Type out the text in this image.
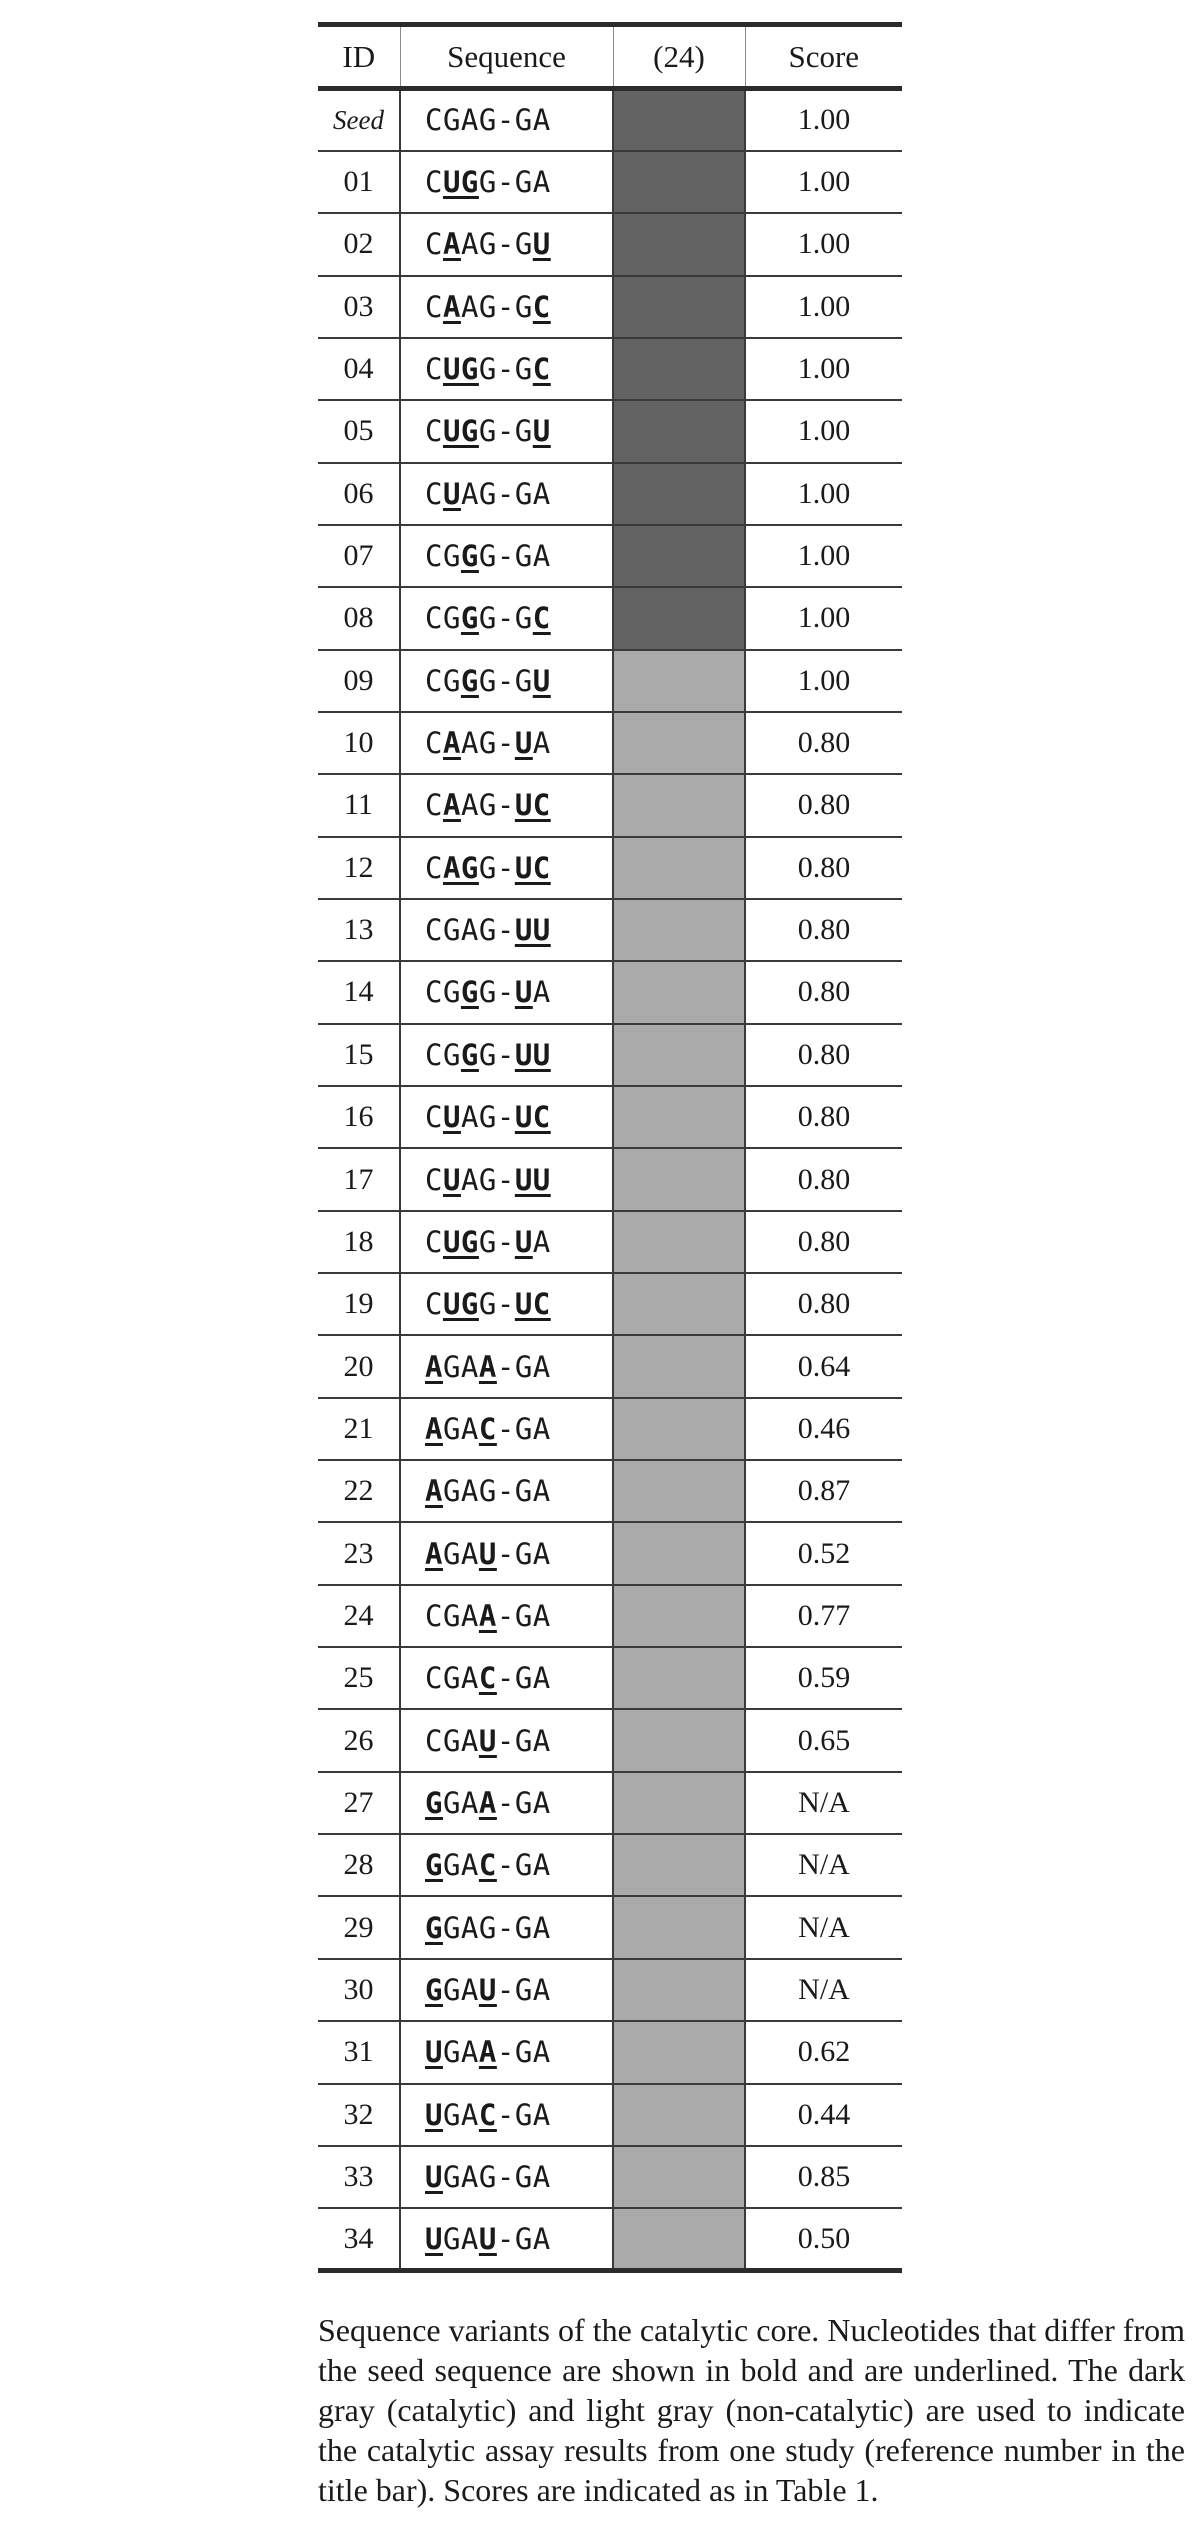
ID	Sequence	(24)	Score
Seed	CGAG-GA		1.00
01	CUGG-GA		1.00
02	CAAG-GU		1.00
03	CAAG-GC		1.00
04	CUGG-GC		1.00
05	CUGG-GU		1.00
06	CUAG-GA		1.00
07	CGGG-GA		1.00
08	CGGG-GC		1.00
09	CGGG-GU		1.00
10	CAAG-UA		0.80
11	CAAG-UC		0.80
12	CAGG-UC		0.80
13	CGAG-UU		0.80
14	CGGG-UA		0.80
15	CGGG-UU		0.80
16	CUAG-UC		0.80
17	CUAG-UU		0.80
18	CUGG-UA		0.80
19	CUGG-UC		0.80
20	AGAA-GA		0.64
21	AGAC-GA		0.46
22	AGAG-GA		0.87
23	AGAU-GA		0.52
24	CGAA-GA		0.77
25	CGAC-GA		0.59
26	CGAU-GA		0.65
27	GGAA-GA		N/A
28	GGAC-GA		N/A
29	GGAG-GA		N/A
30	GGAU-GA		N/A
31	UGAA-GA		0.62
32	UGAC-GA		0.44
33	UGAG-GA		0.85
34	UGAU-GA		0.50

Sequence variants of the catalytic core. Nucleotides that differ from the seed sequence are shown in bold and are underlined. The dark gray (catalytic) and light gray (non-catalytic) are used to indicate the catalytic assay results from one study (reference number in the title bar). Scores are indicated as in Table 1.
